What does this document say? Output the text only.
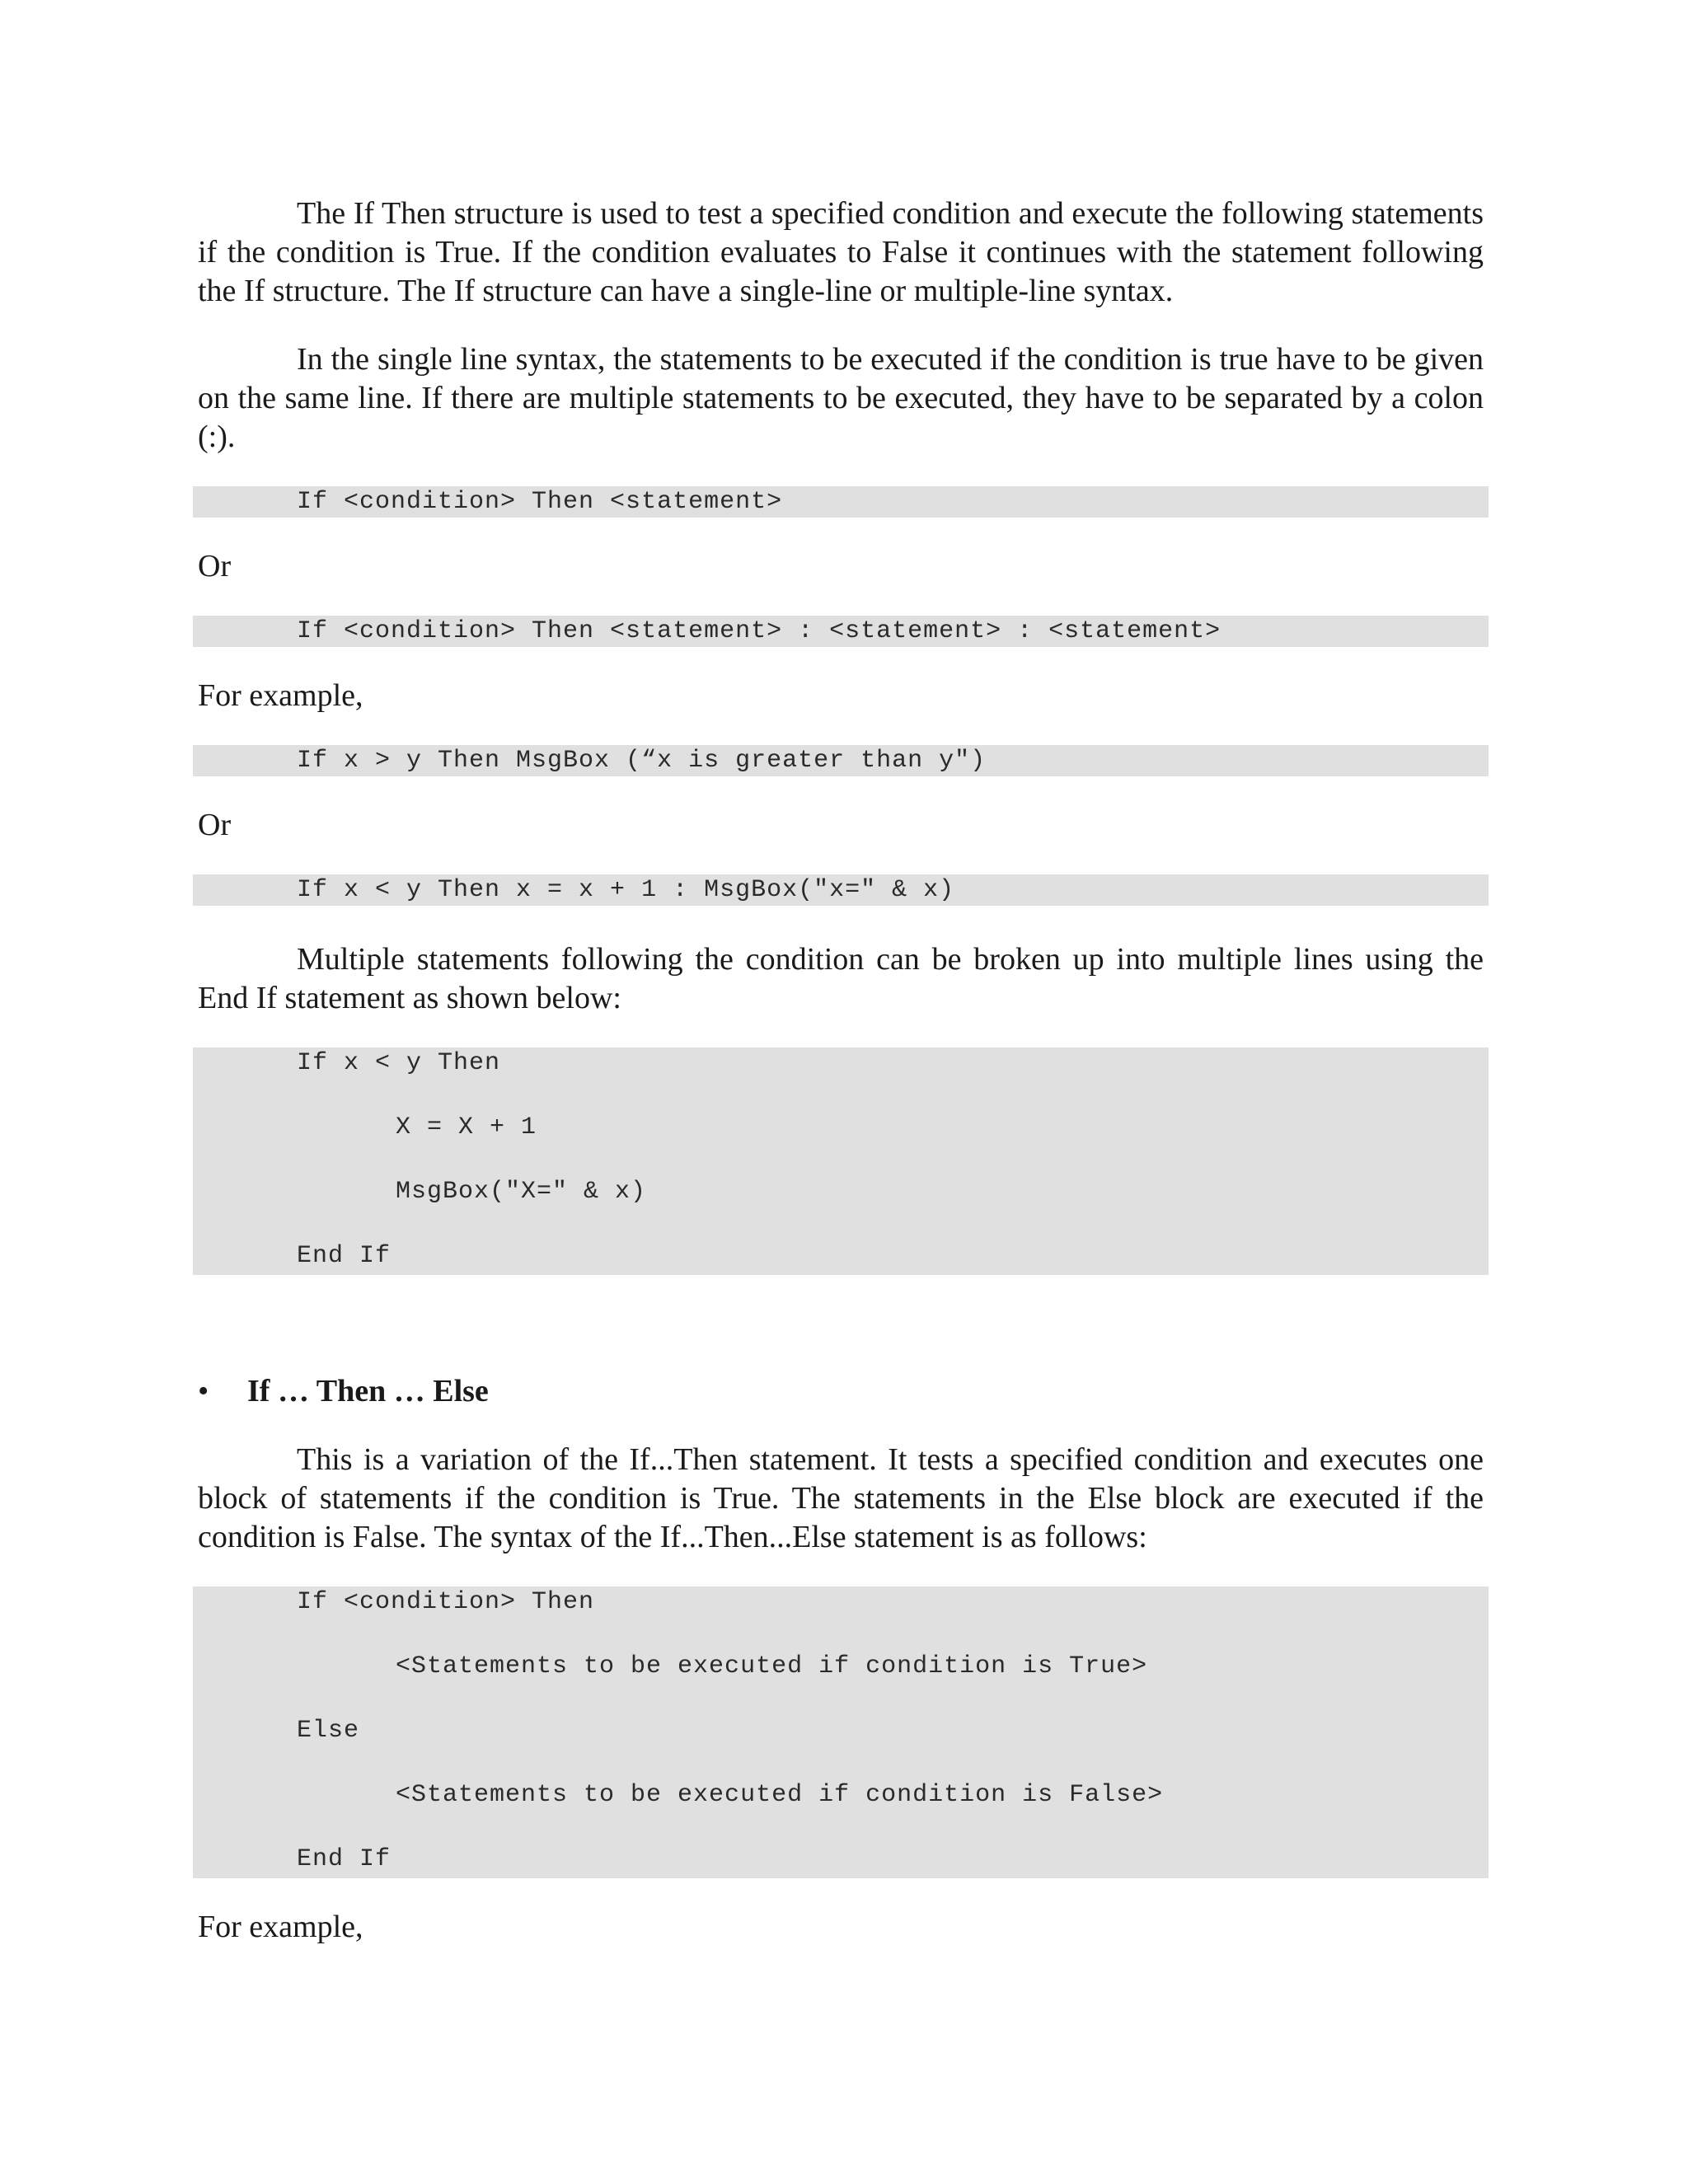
The If Then structure is used to test a specified condition and execute the following statements if the condition is True. If the condition evaluates to False it continues with the statement following the If structure. The If structure can have a single-line or multiple-line syntax.

In the single line syntax, the statements to be executed if the condition is true have to be given on the same line. If there are multiple statements to be executed, they have to be separated by a colon (:).

If <condition> Then <statement>

Or

If <condition> Then <statement> : <statement> : <statement>

For example,

If x > y Then MsgBox (“x is greater than y")

Or

If x < y Then x = x + 1 : MsgBox("x=" & x)

Multiple statements following the condition can be broken up into multiple lines using the End If statement as shown below:

If x < y Then
X = X + 1
MsgBox("X=" & x)
End If
• If … Then … Else

This is a variation of the If...Then statement. It tests a specified condition and executes one block of statements if the condition is True. The statements in the Else block are executed if the condition is False. The syntax of the If...Then...Else statement is as follows:

If <condition> Then
<Statements to be executed if condition is True>
Else
<Statements to be executed if condition is False>
End If

For example,
